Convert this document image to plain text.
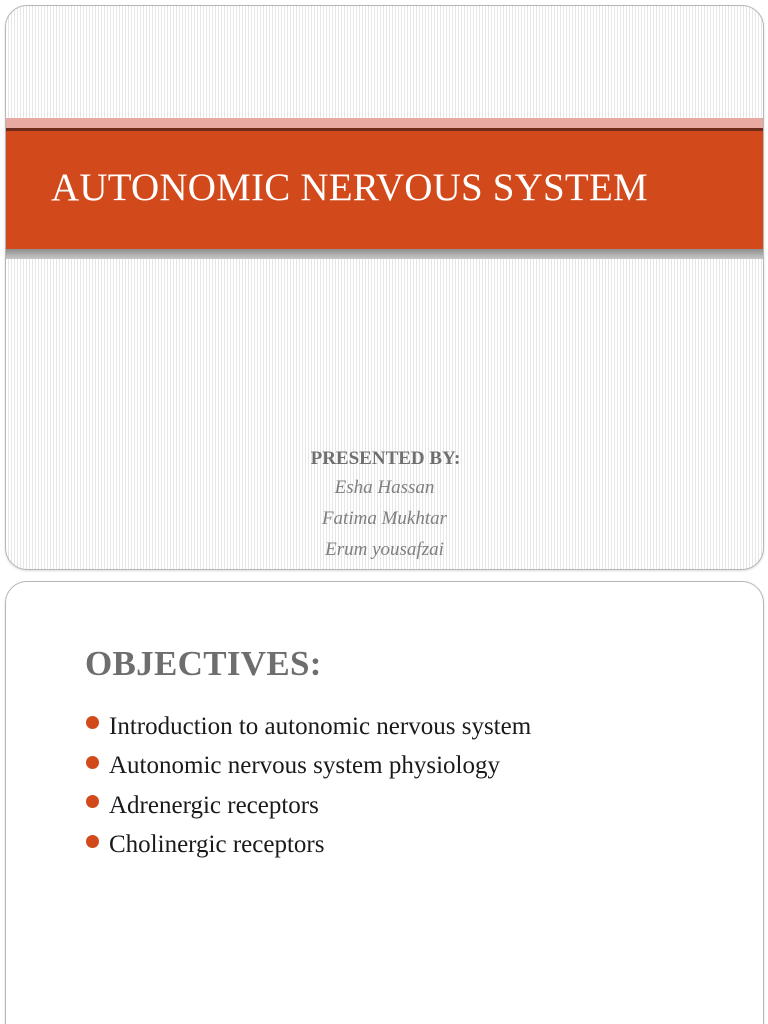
AUTONOMIC NERVOUS SYSTEM
PRESENTED BY:
Esha Hassan
Fatima Mukhtar
Erum yousafzai
OBJECTIVES:
Introduction to autonomic nervous system
Autonomic nervous system physiology
Adrenergic receptors
Cholinergic receptors
